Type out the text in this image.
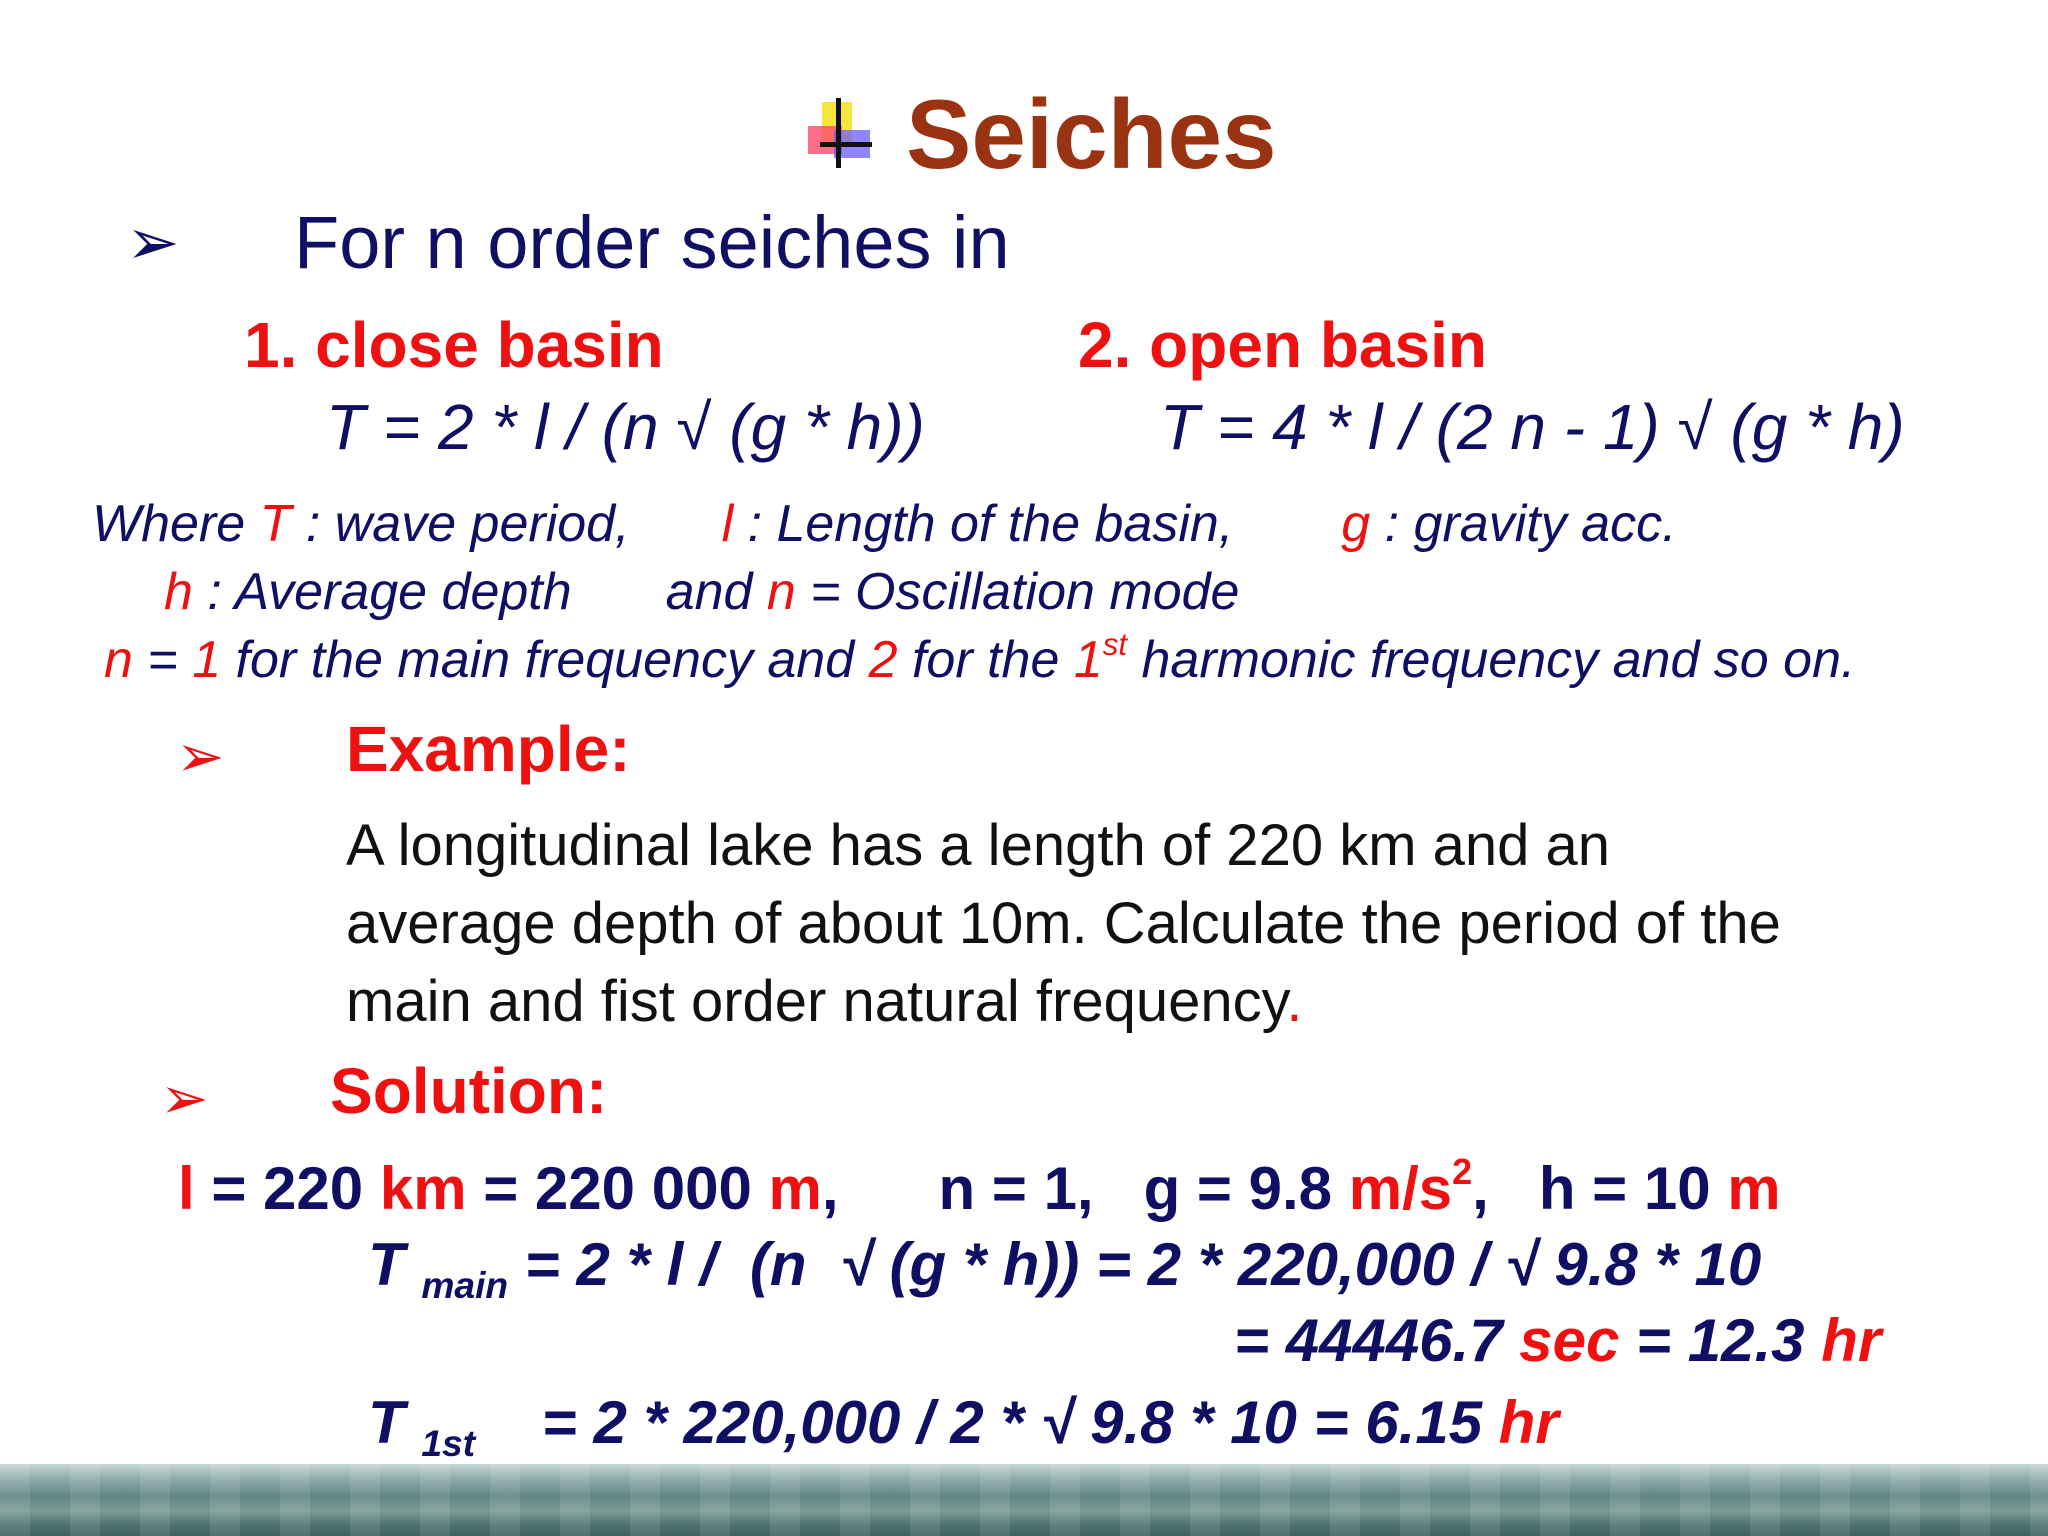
Seiches
➢ For n order seiches in
1. close basin	2. open basin
T = 2 * l / (n √ (g * h))	T = 4 * l / (2 n - 1) √ (g * h)
Where T : wave period, l : Length of the basin, g : gravity acc.
h : Average depth and n = Oscillation mode
n = 1 for the main frequency and 2 for the 1st harmonic frequency and so on.
➢ Example:
A longitudinal lake has a length of 220 km and an
average depth of about 10m. Calculate the period of the
main and fist order natural frequency.
➢ Solution:
l = 220 km = 220 000 m,      n = 1,   g = 9.8 $m/s^2$,   h = 10 m
T $_{main}$ = 2 * l /  (n  √ (g * h)) = 2 * 220,000 / √ 9.8 * 10
= 44446.7 sec = 12.3 hr
T $_{1st}$    = 2 * 220,000 / 2 * √ 9.8 * 10 = 6.15 hr
